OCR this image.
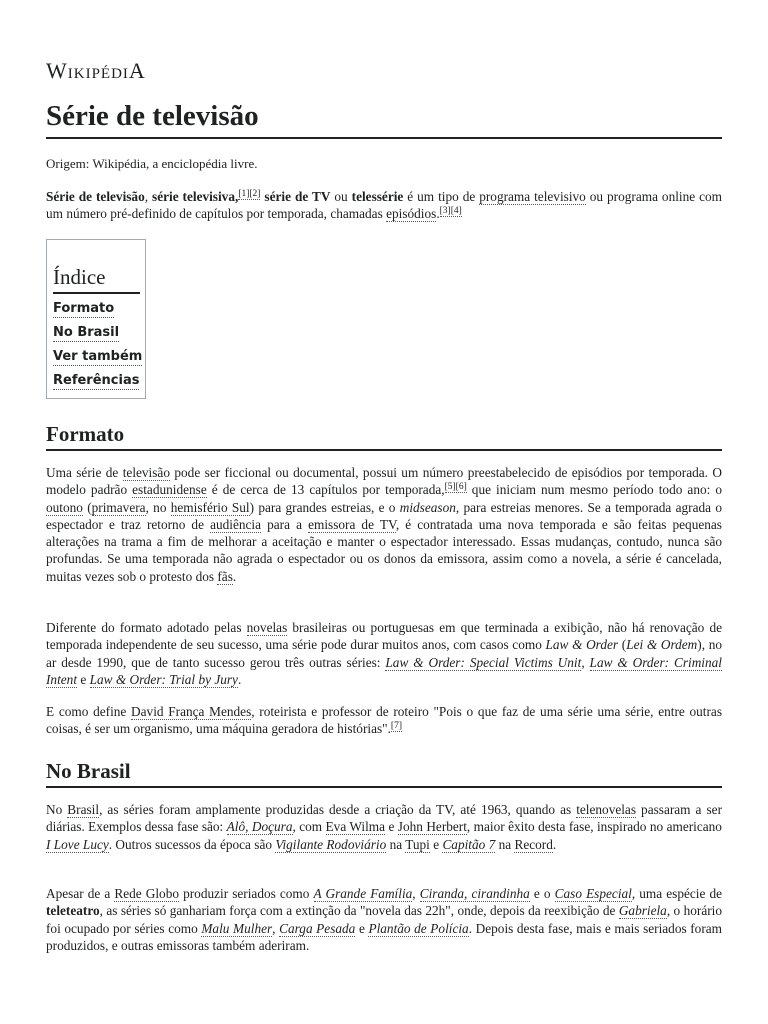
WIKIPÉDIA
Série de televisão
Origem: Wikipédia, a enciclopédia livre.

Série de televisão, série televisiva,[1][2] série de TV ou telessérie é um tipo de programa televisivo ou programa online com um número pré-definido de capítulos por temporada, chamadas episódios.[3][4]

Índice
Formato
No Brasil
Ver também
Referências
Formato

Uma série de televisão pode ser ficcional ou documental, possui um número preestabelecido de episódios por temporada. O modelo padrão estadunidense é de cerca de 13 capítulos por temporada,[5][6] que iniciam num mesmo período todo ano: o outono (primavera, no hemisfério Sul) para grandes estreias, e o midseason, para estreias menores. Se a temporada agrada o espectador e traz retorno de audiência para a emissora de TV, é contratada uma nova temporada e são feitas pequenas alterações na trama a fim de melhorar a aceitação e manter o espectador interessado. Essas mudanças, contudo, nunca são profundas. Se uma temporada não agrada o espectador ou os donos da emissora, assim como a novela, a série é cancelada, muitas vezes sob o protesto dos fãs.

Diferente do formato adotado pelas novelas brasileiras ou portuguesas em que terminada a exibição, não há renovação de temporada independente de seu sucesso, uma série pode durar muitos anos, com casos como Law & Order (Lei & Ordem), no ar desde 1990, que de tanto sucesso gerou três outras séries: Law & Order: Special Victims Unit, Law & Order: Criminal Intent e Law & Order: Trial by Jury.

E como define David França Mendes, roteirista e professor de roteiro "Pois o que faz de uma série uma série, entre outras coisas, é ser um organismo, uma máquina geradora de histórias".[7]

No Brasil

No Brasil, as séries foram amplamente produzidas desde a criação da TV, até 1963, quando as telenovelas passaram a ser diárias. Exemplos dessa fase são: Alô, Doçura, com Eva Wilma e John Herbert, maior êxito desta fase, inspirado no americano I Love Lucy. Outros sucessos da época são Vigilante Rodoviário na Tupi e Capitão 7 na Record.

Apesar de a Rede Globo produzir seriados como A Grande Família, Ciranda, cirandinha e o Caso Especial, uma espécie de teleteatro, as séries só ganhariam força com a extinção da "novela das 22h", onde, depois da reexibição de Gabriela, o horário foi ocupado por séries como Malu Mulher, Carga Pesada e Plantão de Polícia. Depois desta fase, mais e mais seriados foram produzidos, e outras emissoras também aderiram.
